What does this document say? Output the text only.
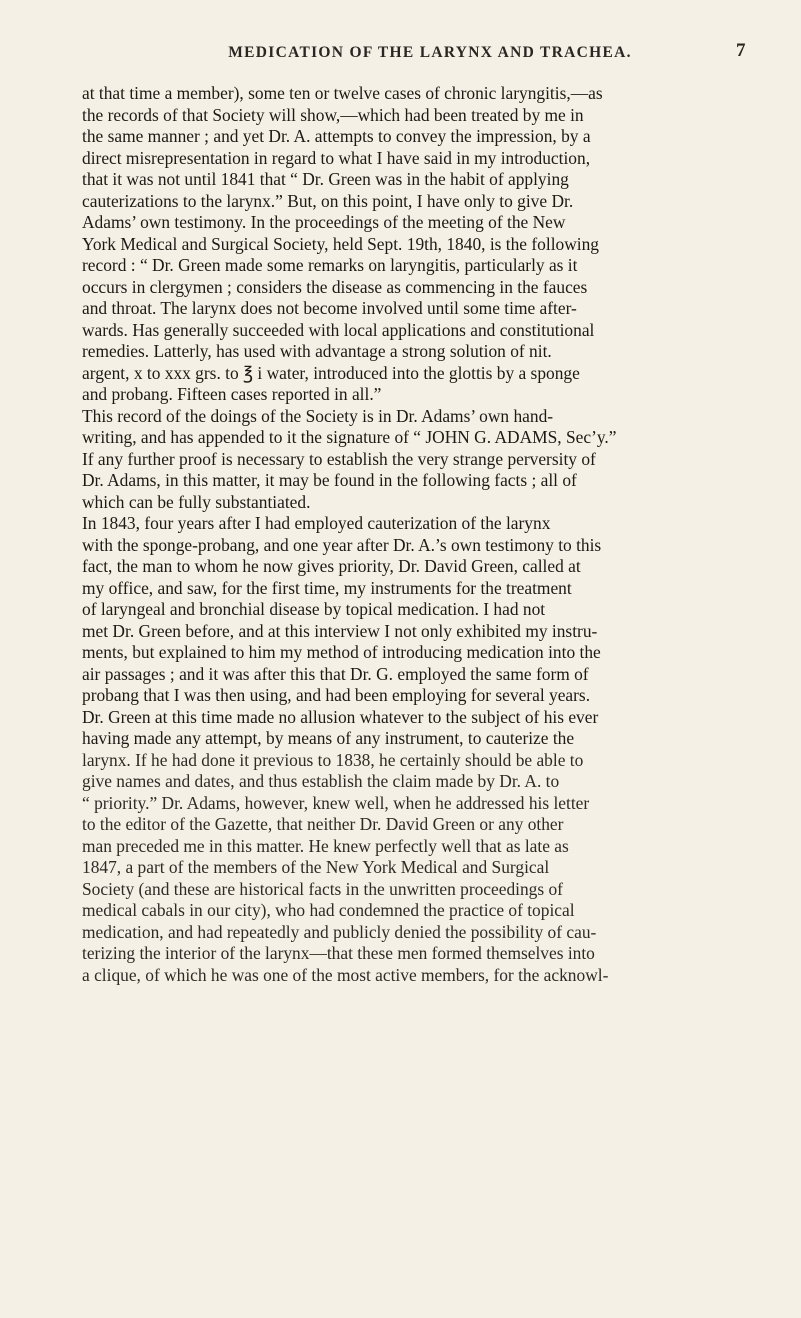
MEDICATION OF THE LARYNX AND TRACHEA.	7
at that time a member), some ten or twelve cases of chronic laryngitis,—as
the records of that Society will show,—which had been treated by me in
the same manner ; and yet Dr. A. attempts to convey the impression, by a
direct misrepresentation in regard to what I have said in my introduction,
that it was not until 1841 that “ Dr. Green was in the habit of applying
cauterizations to the larynx.” But, on this point, I have only to give Dr.
Adams’ own testimony. In the proceedings of the meeting of the New
York Medical and Surgical Society, held Sept. 19th, 1840, is the following
record : “ Dr. Green made some remarks on laryngitis, particularly as it
occurs in clergymen ; considers the disease as commencing in the fauces
and throat. The larynx does not become involved until some time after-
wards. Has generally succeeded with local applications and constitutional
remedies. Latterly, has used with advantage a strong solution of nit.
argent, x to xxx grs. to ℥ i water, introduced into the glottis by a sponge
and probang. Fifteen cases reported in all.”
This record of the doings of the Society is in Dr. Adams’ own hand-
writing, and has appended to it the signature of “ JOHN G. ADAMS, Sec’y.”
If any further proof is necessary to establish the very strange perversity of
Dr. Adams, in this matter, it may be found in the following facts ; all of
which can be fully substantiated.
In 1843, four years after I had employed cauterization of the larynx
with the sponge-probang, and one year after Dr. A.’s own testimony to this
fact, the man to whom he now gives priority, Dr. David Green, called at
my office, and saw, for the first time, my instruments for the treatment
of laryngeal and bronchial disease by topical medication. I had not
met Dr. Green before, and at this interview I not only exhibited my instru-
ments, but explained to him my method of introducing medication into the
air passages ; and it was after this that Dr. G. employed the same form of
probang that I was then using, and had been employing for several years.
Dr. Green at this time made no allusion whatever to the subject of his ever
having made any attempt, by means of any instrument, to cauterize the
larynx. If he had done it previous to 1838, he certainly should be able to
give names and dates, and thus establish the claim made by Dr. A. to
“ priority.” Dr. Adams, however, knew well, when he addressed his letter
to the editor of the Gazette, that neither Dr. David Green or any other
man preceded me in this matter. He knew perfectly well that as late as
1847, a part of the members of the New York Medical and Surgical
Society (and these are historical facts in the unwritten proceedings of
medical cabals in our city), who had condemned the practice of topical
medication, and had repeatedly and publicly denied the possibility of cau-
terizing the interior of the larynx—that these men formed themselves into
a clique, of which he was one of the most active members, for the acknowl-
